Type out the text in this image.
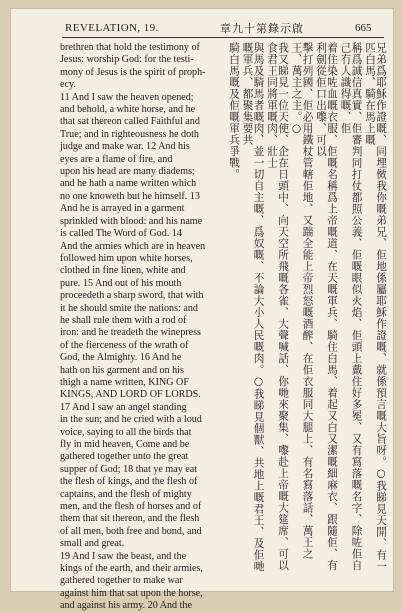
REVELATION, 19.	章九十第錄示啟	665
brethren that hold the testimony of
Jesus: worship God: for the testi-
mony of Jesus is the spirit of proph-
ecy.
11 And I saw the heaven opened;
and behold, a white horse, and he
that sat thereon called Faithful and
True; and in righteousness he doth
judge and make war. 12 And his
eyes are a flame of fire, and
upon his head are many diadems;
and he hath a name written which
no one knoweth but he himself. 13
And he is arrayed in a garment
sprinkled with blood: and his name
is called The Word of God. 14
And the armies which are in heaven
followed him upon white horses,
clothed in fine linen, white and
pure. 15 And out of his mouth
proceedeth a sharp sword, that with
it he should smite the nations: and
he shall rule them with a rod of
iron: and he treadeth the winepress
of the fierceness of the wrath of
God, the Almighty. 16 And he
hath on his garment and on his
thigh a name written, KING OF
KINGS, AND LORD OF LORDS.
17 And I saw an angel standing
in the sun; and he cried with a loud
voice, saying to all the birds that
fly in mid heaven, Come and be
gathered together unto the great
supper of God; 18 that ye may eat
the flesh of kings, and the flesh of
captains, and the flesh of mighty
men, and the flesh of horses and of
them that sit thereon, and the flesh
of all men, both free and bond, and
small and great.
19 And I saw the beast, and the
kings of the earth, and their armies,
gathered together to make war
against him that sat upon the horse,
and against his army. 20 And the
兄弟爲耶穌作證嘅、同埋傚我你嘅弟兄、佢地係屬耶穌作證嘅、就係預言嘅大旨呀。○我睇見天開、有一匹白馬、騎在馬上嘅
稱爲誠信真實、佢審判同打仗都照公義、佢嘅眼似火焰、佢頭上戴住好多冕、又有寫落嘅名字、除咗佢自己冇人識得嘅、佢
着住染咗血嘅衣服、佢嘅名稱爲上帝嘅道、在天嘅軍兵、騎住白馬、着起又白又潔嘅細麻衣、跟隨佢、有利劍從佢口出嚟、可以
擊打列國、佢必用鐵杖管轄佢地、又踹全能上帝烈怒嘅酒醡、在佢衣服同大腿上、有名寫落話、萬王之王、萬主之主。○
我又睇見一位天使、企在日頭中、向天空所飛嘅各雀、大聲喊話、你哋來聚集、嚟赴上帝嘅大筵席、可以食君王同將軍嘅肉、壯士
與馬及騎馬者嘅肉、並一切自主嘅、爲奴嘅、不論大小人民嘅肉。○我睇見個獸、共地上嘅君王、及佢哋嘅軍兵、都聚集要共
騎白馬嘅及佢嘅軍兵爭戰。
